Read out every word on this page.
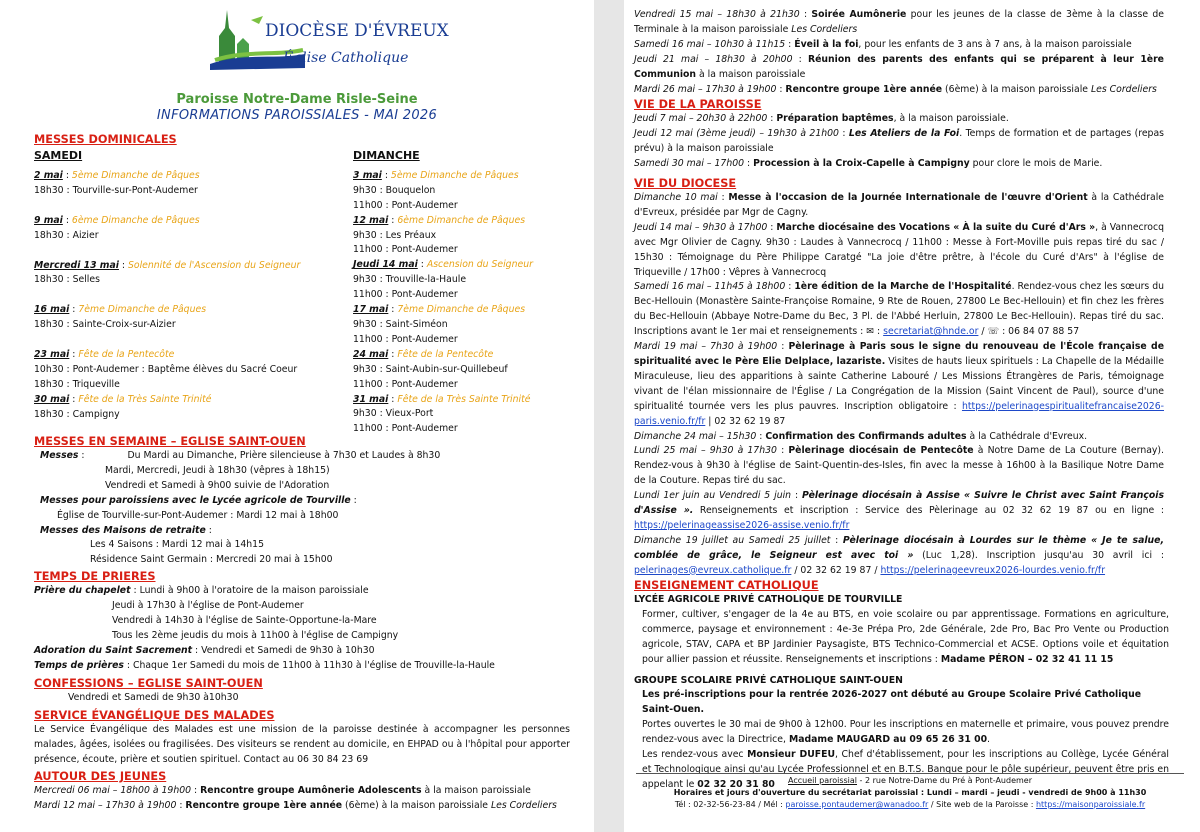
DIOCÈSE D'ÉVREUX
Église Catholique
Paroisse Notre-Dame Risle-Seine
INFORMATIONS PAROISSIALES - MAI 2026
MESSES DOMINICALES
SAMEDI
2 mai : 5ème Dimanche de Pâques
18h30 : Tourville-sur-Pont-Audemer
9 mai : 6ème Dimanche de Pâques
18h30 : Aizier
Mercredi 13 mai : Solennité de l'Ascension du Seigneur
18h30 : Selles
16 mai : 7ème Dimanche de Pâques
18h30 : Sainte-Croix-sur-Aizier
23 mai : Fête de la Pentecôte
10h30 : Pont-Audemer : Baptême élèves du Sacré Coeur
18h30 : Triqueville
30 mai : Fête de la Très Sainte Trinité
18h30 : Campigny
DIMANCHE
3 mai : 5ème Dimanche de Pâques
9h30 : Bouquelon
11h00 : Pont-Audemer
12 mai : 6ème Dimanche de Pâques
9h30 : Les Préaux
11h00 : Pont-Audemer
Jeudi 14 mai : Ascension du Seigneur
9h30 : Trouville-la-Haule
11h00 : Pont-Audemer
17 mai : 7ème Dimanche de Pâques
9h30 : Saint-Siméon
11h00 : Pont-Audemer
24 mai : Fête de la Pentecôte
9h30 : Saint-Aubin-sur-Quillebeuf
11h00 : Pont-Audemer
31 mai : Fête de la Très Sainte Trinité
9h30 : Vieux-Port
11h00 : Pont-Audemer
MESSES EN SEMAINE – EGLISE SAINT-OUEN
Messes :	Du Mardi au Dimanche, Prière silencieuse à 7h30 et Laudes à 8h30
Mardi, Mercredi, Jeudi à 18h30 (vêpres à 18h15)
Vendredi et Samedi à 9h00 suivie de l'Adoration
Messes pour paroissiens avec le Lycée agricole de Tourville :
Église de Tourville-sur-Pont-Audemer : Mardi 12 mai à 18h00
Messes des Maisons de retraite :
Les 4 Saisons : Mardi 12 mai à 14h15
Résidence Saint Germain : Mercredi 20 mai à 15h00
TEMPS DE PRIERES
Prière du chapelet : Lundi à 9h00 à l'oratoire de la maison paroissiale
Jeudi à 17h30 à l'église de Pont-Audemer
Vendredi à 14h30 à l'église de Sainte-Opportune-la-Mare
Tous les 2ème jeudis du mois à 11h00 à l'église de Campigny
Adoration du Saint Sacrement : Vendredi et Samedi de 9h30 à 10h30
Temps de prières : Chaque 1er Samedi du mois de 11h00 à 11h30 à l'église de Trouville-la-Haule
CONFESSIONS – EGLISE SAINT-OUEN
Vendredi et Samedi de 9h30 à10h30
SERVICE ÉVANGÉLIQUE DES MALADES
Le Service Évangélique des Malades est une mission de la paroisse destinée à accompagner les personnes malades, âgées, isolées ou fragilisées. Des visiteurs se rendent au domicile, en EHPAD ou à l'hôpital pour apporter présence, écoute, prière et soutien spirituel. Contact au 06 30 84 23 69
AUTOUR DES JEUNES
Mercredi 06 mai – 18h00 à 19h00 : Rencontre groupe Aumônerie Adolescents à la maison paroissiale
Mardi 12 mai – 17h30 à 19h00 : Rencontre groupe 1ère année (6ème) à la maison paroissiale Les Cordeliers
Vendredi 15 mai – 18h30 à 21h30 : Soirée Aumônerie pour les jeunes de la classe de 3ème à la classe de Terminale à la maison paroissiale Les Cordeliers
Samedi 16 mai – 10h30 à 11h15 : Éveil à la foi, pour les enfants de 3 ans à 7 ans, à la maison paroissiale
Jeudi 21 mai – 18h30 à 20h00 : Réunion des parents des enfants qui se préparent à leur 1ère Communion à la maison paroissiale
Mardi 26 mai – 17h30 à 19h00 : Rencontre groupe 1ère année (6ème) à la maison paroissiale Les Cordeliers
VIE DE LA PAROISSE
Jeudi 7 mai – 20h30 à 22h00 : Préparation baptêmes, à la maison paroissiale.
Jeudi 12 mai (3ème jeudi) – 19h30 à 21h00 : Les Ateliers de la Foi. Temps de formation et de partages (repas prévu) à la maison paroissiale
Samedi 30 mai – 17h00 : Procession à la Croix-Capelle à Campigny pour clore le mois de Marie.
VIE DU DIOCESE
Dimanche 10 mai : Messe à l'occasion de la Journée Internationale de l'œuvre d'Orient à la Cathédrale d'Evreux, présidée par Mgr de Cagny.
Jeudi 14 mai – 9h30 à 17h00 : Marche diocésaine des Vocations « À la suite du Curé d'Ars », à Vannecrocq avec Mgr Olivier de Cagny. 9h30 : Laudes à Vannecrocq / 11h00 : Messe à Fort-Moville puis repas tiré du sac / 15h30 : Témoignage du Père Philippe Caratgé "La joie d'être prêtre, à l'école du Curé d'Ars" à l'église de Triqueville / 17h00 : Vêpres à Vannecrocq
Samedi 16 mai – 11h45 à 18h00 : 1ère édition de la Marche de l'Hospitalité. Rendez-vous chez les sœurs du Bec-Hellouin (Monastère Sainte-Françoise Romaine, 9 Rte de Rouen, 27800 Le Bec-Hellouin) et fin chez les frères du Bec-Hellouin (Abbaye Notre-Dame du Bec, 3 Pl. de l'Abbé Herluin, 27800 Le Bec-Hellouin). Repas tiré du sac. Inscriptions avant le 1er mai et renseignements : ✉ : secretariat@hnde.or / ☏ : 06 84 07 88 57
Mardi 19 mai – 7h30 à 19h00 : Pèlerinage à Paris sous le signe du renouveau de l'École française de spiritualité avec le Père Elie Delplace, lazariste. Visites de hauts lieux spirituels : La Chapelle de la Médaille Miraculeuse, lieu des apparitions à sainte Catherine Labouré / Les Missions Étrangères de Paris, témoignage vivant de l'élan missionnaire de l'Église / La Congrégation de la Mission (Saint Vincent de Paul), source d'une spiritualité tournée vers les plus pauvres. Inscription obligatoire : https://pelerinagespiritualitefrancaise2026-paris.venio.fr/fr | 02 32 62 19 87
Dimanche 24 mai – 15h30 : Confirmation des Confirmands adultes à la Cathédrale d'Evreux.
Lundi 25 mai – 9h30 à 17h30 : Pèlerinage diocésain de Pentecôte à Notre Dame de La Couture (Bernay). Rendez-vous à 9h30 à l'église de Saint-Quentin-des-Isles, fin avec la messe à 16h00 à la Basilique Notre Dame de la Couture. Repas tiré du sac.
Lundi 1er juin au Vendredi 5 juin : Pèlerinage diocésain à Assise « Suivre le Christ avec Saint François d'Assise ». Renseignements et inscription : Service des Pèlerinage au 02 32 62 19 87 ou en ligne : https://pelerinageassise2026-assise.venio.fr/fr
Dimanche 19 juillet au Samedi 25 juillet : Pèlerinage diocésain à Lourdes sur le thème « Je te salue, comblée de grâce, le Seigneur est avec toi » (Luc 1,28). Inscription jusqu'au 30 avril ici : pelerinages@evreux.catholique.fr / 02 32 62 19 87 / https://pelerinageevreux2026-lourdes.venio.fr/fr
ENSEIGNEMENT CATHOLIQUE
LYCÉE AGRICOLE PRIVÉ CATHOLIQUE DE TOURVILLE
Former, cultiver, s'engager de la 4e au BTS, en voie scolaire ou par apprentissage. Formations en agriculture, commerce, paysage et environnement : 4e-3e Prépa Pro, 2de Générale, 2de Pro, Bac Pro Vente ou Production agricole, STAV, CAPA et BP Jardinier Paysagiste, BTS Technico-Commercial et ACSE. Options voile et équitation pour allier passion et réussite. Renseignements et inscriptions : Madame PÉRON – 02 32 41 11 15
GROUPE SCOLAIRE PRIVÉ CATHOLIQUE SAINT-OUEN
Les pré-inscriptions pour la rentrée 2026-2027 ont débuté au Groupe Scolaire Privé Catholique Saint-Ouen.
Portes ouvertes le 30 mai de 9h00 à 12h00. Pour les inscriptions en maternelle et primaire, vous pouvez prendre rendez-vous avec la Directrice, Madame MAUGARD au 09 65 26 31 00.
Les rendez-vous avec Monsieur DUFEU, Chef d'établissement, pour les inscriptions au Collège, Lycée Général et Technologique ainsi qu'au Lycée Professionnel et en B.T.S. Banque pour le pôle supérieur, peuvent être pris en appelant le 02 32 20 31 80	Accueil paroissial - 2 rue Notre-Dame du Pré à Pont-Audemer
Horaires et jours d'ouverture du secrétariat paroissial : Lundi – mardi – jeudi - vendredi de 9h00 à 11h30
Tél : 02-32-56-23-84 / Mél : paroisse.pontaudemer@wanadoo.fr / Site web de la Paroisse : https://maisonparoissiale.fr
